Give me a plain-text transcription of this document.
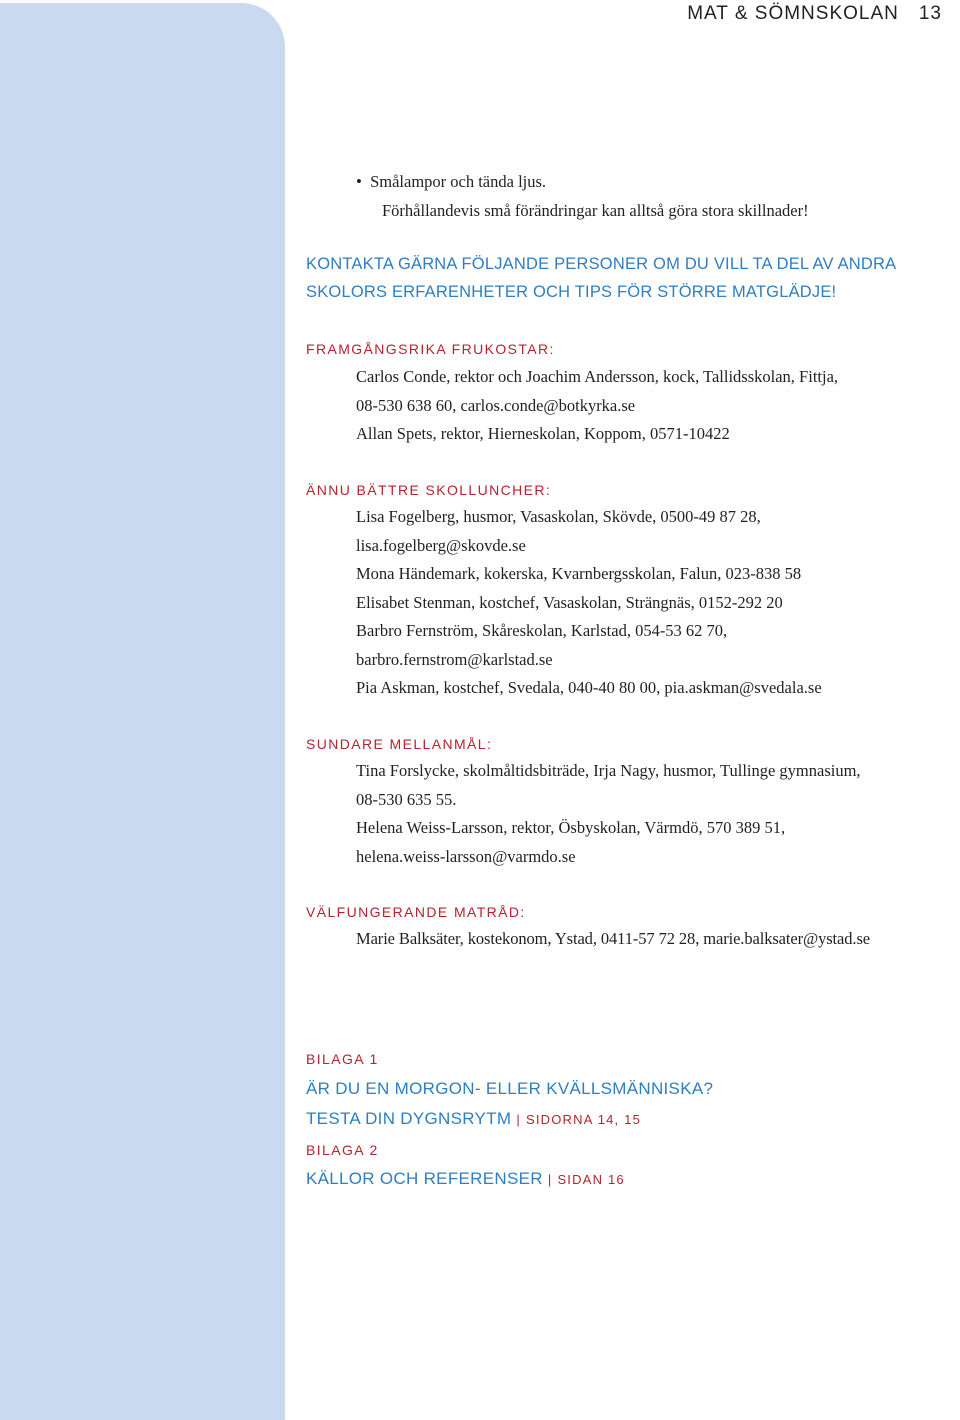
MAT & SÖMNSKOLAN 13
• Smålampor och tända ljus.
Förhållandevis små förändringar kan alltså göra stora skillnader!
KONTAKTA GÄRNA FÖLJANDE PERSONER OM DU VILL TA DEL AV ANDRA
SKOLORS ERFARENHETER OCH TIPS FÖR STÖRRE MATGLÄDJE!
FRAMGÅNGSRIKA FRUKOSTAR:
Carlos Conde, rektor och Joachim Andersson, kock, Tallidsskolan, Fittja,
08-530 638 60, carlos.conde@botkyrka.se
Allan Spets, rektor, Hierneskolan, Koppom, 0571-10422
ÄNNU BÄTTRE SKOLLUNCHER:
Lisa Fogelberg, husmor, Vasaskolan, Skövde, 0500-49 87 28,
lisa.fogelberg@skovde.se
Mona Händemark, kokerska, Kvarnbergsskolan, Falun, 023-838 58
Elisabet Stenman, kostchef, Vasaskolan, Strängnäs, 0152-292 20
Barbro Fernström, Skåreskolan, Karlstad, 054-53 62 70,
barbro.fernstrom@karlstad.se
Pia Askman, kostchef, Svedala, 040-40 80 00, pia.askman@svedala.se
SUNDARE MELLANMÅL:
Tina Forslycke, skolmåltidsbiträde, Irja Nagy, husmor, Tullinge gymnasium,
08-530 635 55.
Helena Weiss-Larsson, rektor, Ösbyskolan, Värmdö, 570 389 51,
helena.weiss-larsson@varmdo.se
VÄLFUNGERANDE MATRÅD:
Marie Balksäter, kostekonom, Ystad, 0411-57 72 28, marie.balksater@ystad.se
BILAGA 1
ÄR DU EN MORGON- ELLER KVÄLLSMÄNNISKA?
TESTA DIN DYGNSRYTM | SIDORNA 14, 15
BILAGA 2
KÄLLOR OCH REFERENSER | SIDAN 16
